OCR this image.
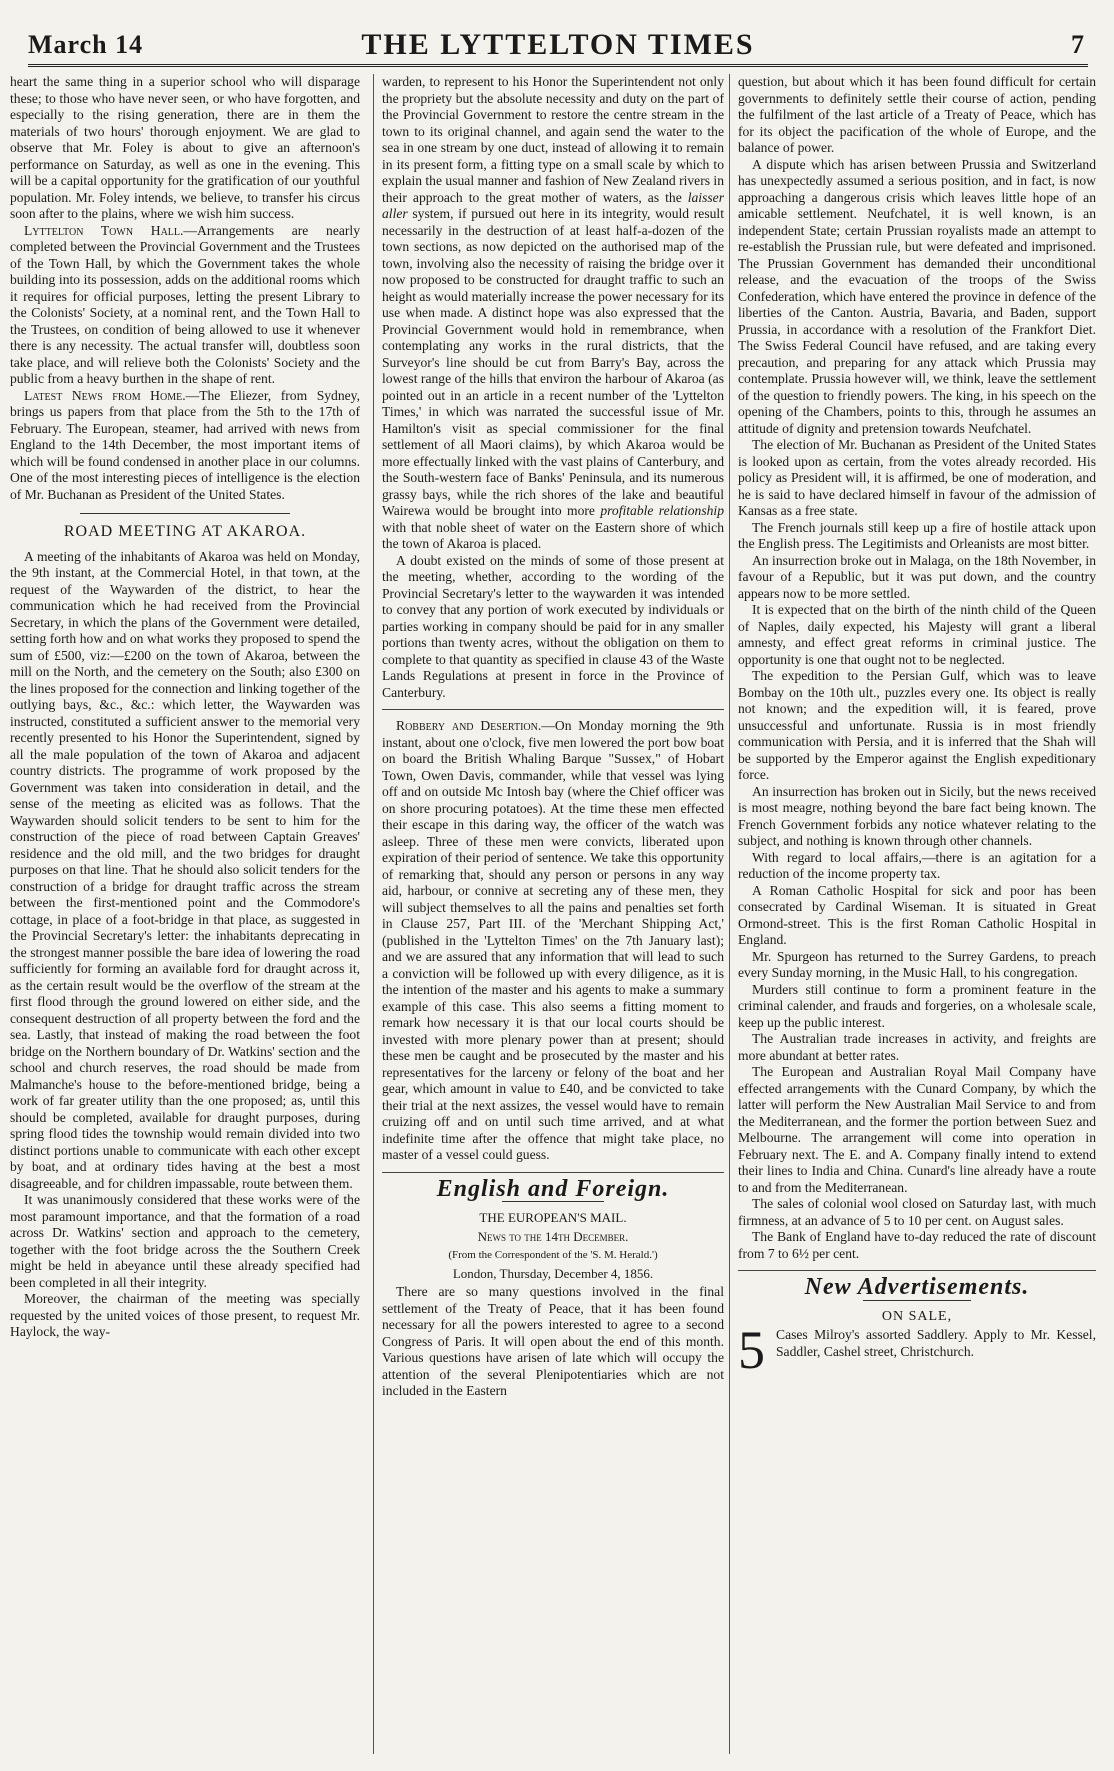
March 14	THE LYTTELTON TIMES	7

heart the same thing in a superior school who will disparage these; to those who have never seen, or who have forgotten, and especially to the rising generation, there are in them the materials of two hours' thorough enjoyment. We are glad to observe that Mr. Foley is about to give an afternoon's performance on Saturday, as well as one in the evening. This will be a capital opportunity for the gratification of our youthful population. Mr. Foley intends, we believe, to transfer his circus soon after to the plains, where we wish him success.

Lyttelton Town Hall.—Arrangements are nearly completed between the Provincial Government and the Trustees of the Town Hall, by which the Government takes the whole building into its possession, adds on the additional rooms which it requires for official purposes, letting the present Library to the Colonists' Society, at a nominal rent, and the Town Hall to the Trustees, on condition of being allowed to use it whenever there is any necessity. The actual transfer will, doubtless soon take place, and will relieve both the Colonists' Society and the public from a heavy burthen in the shape of rent.

Latest News from Home.—The Eliezer, from Sydney, brings us papers from that place from the 5th to the 17th of February. The European, steamer, had arrived with news from England to the 14th December, the most important items of which will be found condensed in another place in our columns. One of the most interesting pieces of intelligence is the election of Mr. Buchanan as President of the United States.

ROAD MEETING AT AKAROA.

A meeting of the inhabitants of Akaroa was held on Monday, the 9th instant, at the Commercial Hotel, in that town, at the request of the Waywarden of the district, to hear the communication which he had received from the Provincial Secretary, in which the plans of the Government were detailed, setting forth how and on what works they proposed to spend the sum of £500, viz:—£200 on the town of Akaroa, between the mill on the North, and the cemetery on the South; also £300 on the lines proposed for the connection and linking together of the outlying bays, &c., &c.: which letter, the Waywarden was instructed, constituted a sufficient answer to the memorial very recently presented to his Honor the Superintendent, signed by all the male population of the town of Akaroa and adjacent country districts. The programme of work proposed by the Government was taken into consideration in detail, and the sense of the meeting as elicited was as follows. That the Waywarden should solicit tenders to be sent to him for the construction of the piece of road between Captain Greaves' residence and the old mill, and the two bridges for draught purposes on that line. That he should also solicit tenders for the construction of a bridge for draught traffic across the stream between the first-mentioned point and the Commodore's cottage, in place of a foot-bridge in that place, as suggested in the Provincial Secretary's letter: the inhabitants deprecating in the strongest manner possible the bare idea of lowering the road sufficiently for forming an available ford for draught across it, as the certain result would be the overflow of the stream at the first flood through the ground lowered on either side, and the consequent destruction of all property between the ford and the sea. Lastly, that instead of making the road between the foot bridge on the Northern boundary of Dr. Watkins' section and the school and church reserves, the road should be made from Malmanche's house to the before-mentioned bridge, being a work of far greater utility than the one proposed; as, until this should be completed, available for draught purposes, during spring flood tides the township would remain divided into two distinct portions unable to communicate with each other except by boat, and at ordinary tides having at the best a most disagreeable, and for children impassable, route between them.

It was unanimously considered that these works were of the most paramount importance, and that the formation of a road across Dr. Watkins' section and approach to the cemetery, together with the foot bridge across the the Southern Creek might be held in abeyance until these already specified had been completed in all their integrity.

Moreover, the chairman of the meeting was specially requested by the united voices of those present, to request Mr. Haylock, the way-

warden, to represent to his Honor the Superintendent not only the propriety but the absolute necessity and duty on the part of the Provincial Government to restore the centre stream in the town to its original channel, and again send the water to the sea in one stream by one duct, instead of allowing it to remain in its present form, a fitting type on a small scale by which to explain the usual manner and fashion of New Zealand rivers in their approach to the great mother of waters, as the laisser aller system, if pursued out here in its integrity, would result necessarily in the destruction of at least half-a-dozen of the town sections, as now depicted on the authorised map of the town, involving also the necessity of raising the bridge over it now proposed to be constructed for draught traffic to such an height as would materially increase the power necessary for its use when made. A distinct hope was also expressed that the Provincial Government would hold in remembrance, when contemplating any works in the rural districts, that the Surveyor's line should be cut from Barry's Bay, across the lowest range of the hills that environ the harbour of Akaroa (as pointed out in an article in a recent number of the 'Lyttelton Times,' in which was narrated the successful issue of Mr. Hamilton's visit as special commissioner for the final settlement of all Maori claims), by which Akaroa would be more effectually linked with the vast plains of Canterbury, and the South-western face of Banks' Peninsula, and its numerous grassy bays, while the rich shores of the lake and beautiful Wairewa would be brought into more profitable relationship with that noble sheet of water on the Eastern shore of which the town of Akaroa is placed.

A doubt existed on the minds of some of those present at the meeting, whether, according to the wording of the Provincial Secretary's letter to the waywarden it was intended to convey that any portion of work executed by individuals or parties working in company should be paid for in any smaller portions than twenty acres, without the obligation on them to complete to that quantity as specified in clause 43 of the Waste Lands Regulations at present in force in the Province of Canterbury.

Robbery and Desertion.—On Monday morning the 9th instant, about one o'clock, five men lowered the port bow boat on board the British Whaling Barque "Sussex," of Hobart Town, Owen Davis, commander, while that vessel was lying off and on outside Mc Intosh bay (where the Chief officer was on shore procuring potatoes). At the time these men effected their escape in this daring way, the officer of the watch was asleep. Three of these men were convicts, liberated upon expiration of their period of sentence. We take this opportunity of remarking that, should any person or persons in any way aid, harbour, or connive at secreting any of these men, they will subject themselves to all the pains and penalties set forth in Clause 257, Part III. of the 'Merchant Shipping Act,' (published in the 'Lyttelton Times' on the 7th January last); and we are assured that any information that will lead to such a conviction will be followed up with every diligence, as it is the intention of the master and his agents to make a summary example of this case. This also seems a fitting moment to remark how necessary it is that our local courts should be invested with more plenary power than at present; should these men be caught and be prosecuted by the master and his representatives for the larceny or felony of the boat and her gear, which amount in value to £40, and be convicted to take their trial at the next assizes, the vessel would have to remain cruizing off and on until such time arrived, and at what indefinite time after the offence that might take place, no master of a vessel could guess.

English and Foreign.
THE EUROPEAN'S MAIL.
News to the 14th December.
(From the Correspondent of the 'S. M. Herald.')
London, Thursday, December 4, 1856.

There are so many questions involved in the final settlement of the Treaty of Peace, that it has been found necessary for all the powers interested to agree to a second Congress of Paris. It will open about the end of this month. Various questions have arisen of late which will occupy the attention of the several Plenipotentiaries which are not included in the Eastern

question, but about which it has been found difficult for certain governments to definitely settle their course of action, pending the fulfilment of the last article of a Treaty of Peace, which has for its object the pacification of the whole of Europe, and the balance of power.

A dispute which has arisen between Prussia and Switzerland has unexpectedly assumed a serious position, and in fact, is now approaching a dangerous crisis which leaves little hope of an amicable settlement. Neufchatel, it is well known, is an independent State; certain Prussian royalists made an attempt to re-establish the Prussian rule, but were defeated and imprisoned. The Prussian Government has demanded their unconditional release, and the evacuation of the troops of the Swiss Confederation, which have entered the province in defence of the liberties of the Canton. Austria, Bavaria, and Baden, support Prussia, in accordance with a resolution of the Frankfort Diet. The Swiss Federal Council have refused, and are taking every precaution, and preparing for any attack which Prussia may contemplate. Prussia however will, we think, leave the settlement of the question to friendly powers. The king, in his speech on the opening of the Chambers, points to this, through he assumes an attitude of dignity and pretension towards Neufchatel.

The election of Mr. Buchanan as President of the United States is looked upon as certain, from the votes already recorded. His policy as President will, it is affirmed, be one of moderation, and he is said to have declared himself in favour of the admission of Kansas as a free state.

The French journals still keep up a fire of hostile attack upon the English press. The Legitimists and Orleanists are most bitter.

An insurrection broke out in Malaga, on the 18th November, in favour of a Republic, but it was put down, and the country appears now to be more settled.

It is expected that on the birth of the ninth child of the Queen of Naples, daily expected, his Majesty will grant a liberal amnesty, and effect great reforms in criminal justice. The opportunity is one that ought not to be neglected.

The expedition to the Persian Gulf, which was to leave Bombay on the 10th ult., puzzles every one. Its object is really not known; and the expedition will, it is feared, prove unsuccessful and unfortunate. Russia is in most friendly communication with Persia, and it is inferred that the Shah will be supported by the Emperor against the English expeditionary force.

An insurrection has broken out in Sicily, but the news received is most meagre, nothing beyond the bare fact being known. The French Government forbids any notice whatever relating to the subject, and nothing is known through other channels.

With regard to local affairs,—there is an agitation for a reduction of the income property tax.

A Roman Catholic Hospital for sick and poor has been consecrated by Cardinal Wiseman. It is situated in Great Ormond-street. This is the first Roman Catholic Hospital in England.

Mr. Spurgeon has returned to the Surrey Gardens, to preach every Sunday morning, in the Music Hall, to his congregation.

Murders still continue to form a prominent feature in the criminal calender, and frauds and forgeries, on a wholesale scale, keep up the public interest.

The Australian trade increases in activity, and freights are more abundant at better rates.

The European and Australian Royal Mail Company have effected arrangements with the Cunard Company, by which the latter will perform the New Australian Mail Service to and from the Mediterranean, and the former the portion between Suez and Melbourne. The arrangement will come into operation in February next. The E. and A. Company finally intend to extend their lines to India and China. Cunard's line already have a route to and from the Mediterranean.

The sales of colonial wool closed on Saturday last, with much firmness, at an advance of 5 to 10 per cent. on August sales.

The Bank of England have to-day reduced the rate of discount from 7 to 6½ per cent.

New Advertisements.
ON SALE,
5 Cases Milroy's assorted Saddlery. Apply to Mr. Kessel, Saddler, Cashel street, Christchurch.
